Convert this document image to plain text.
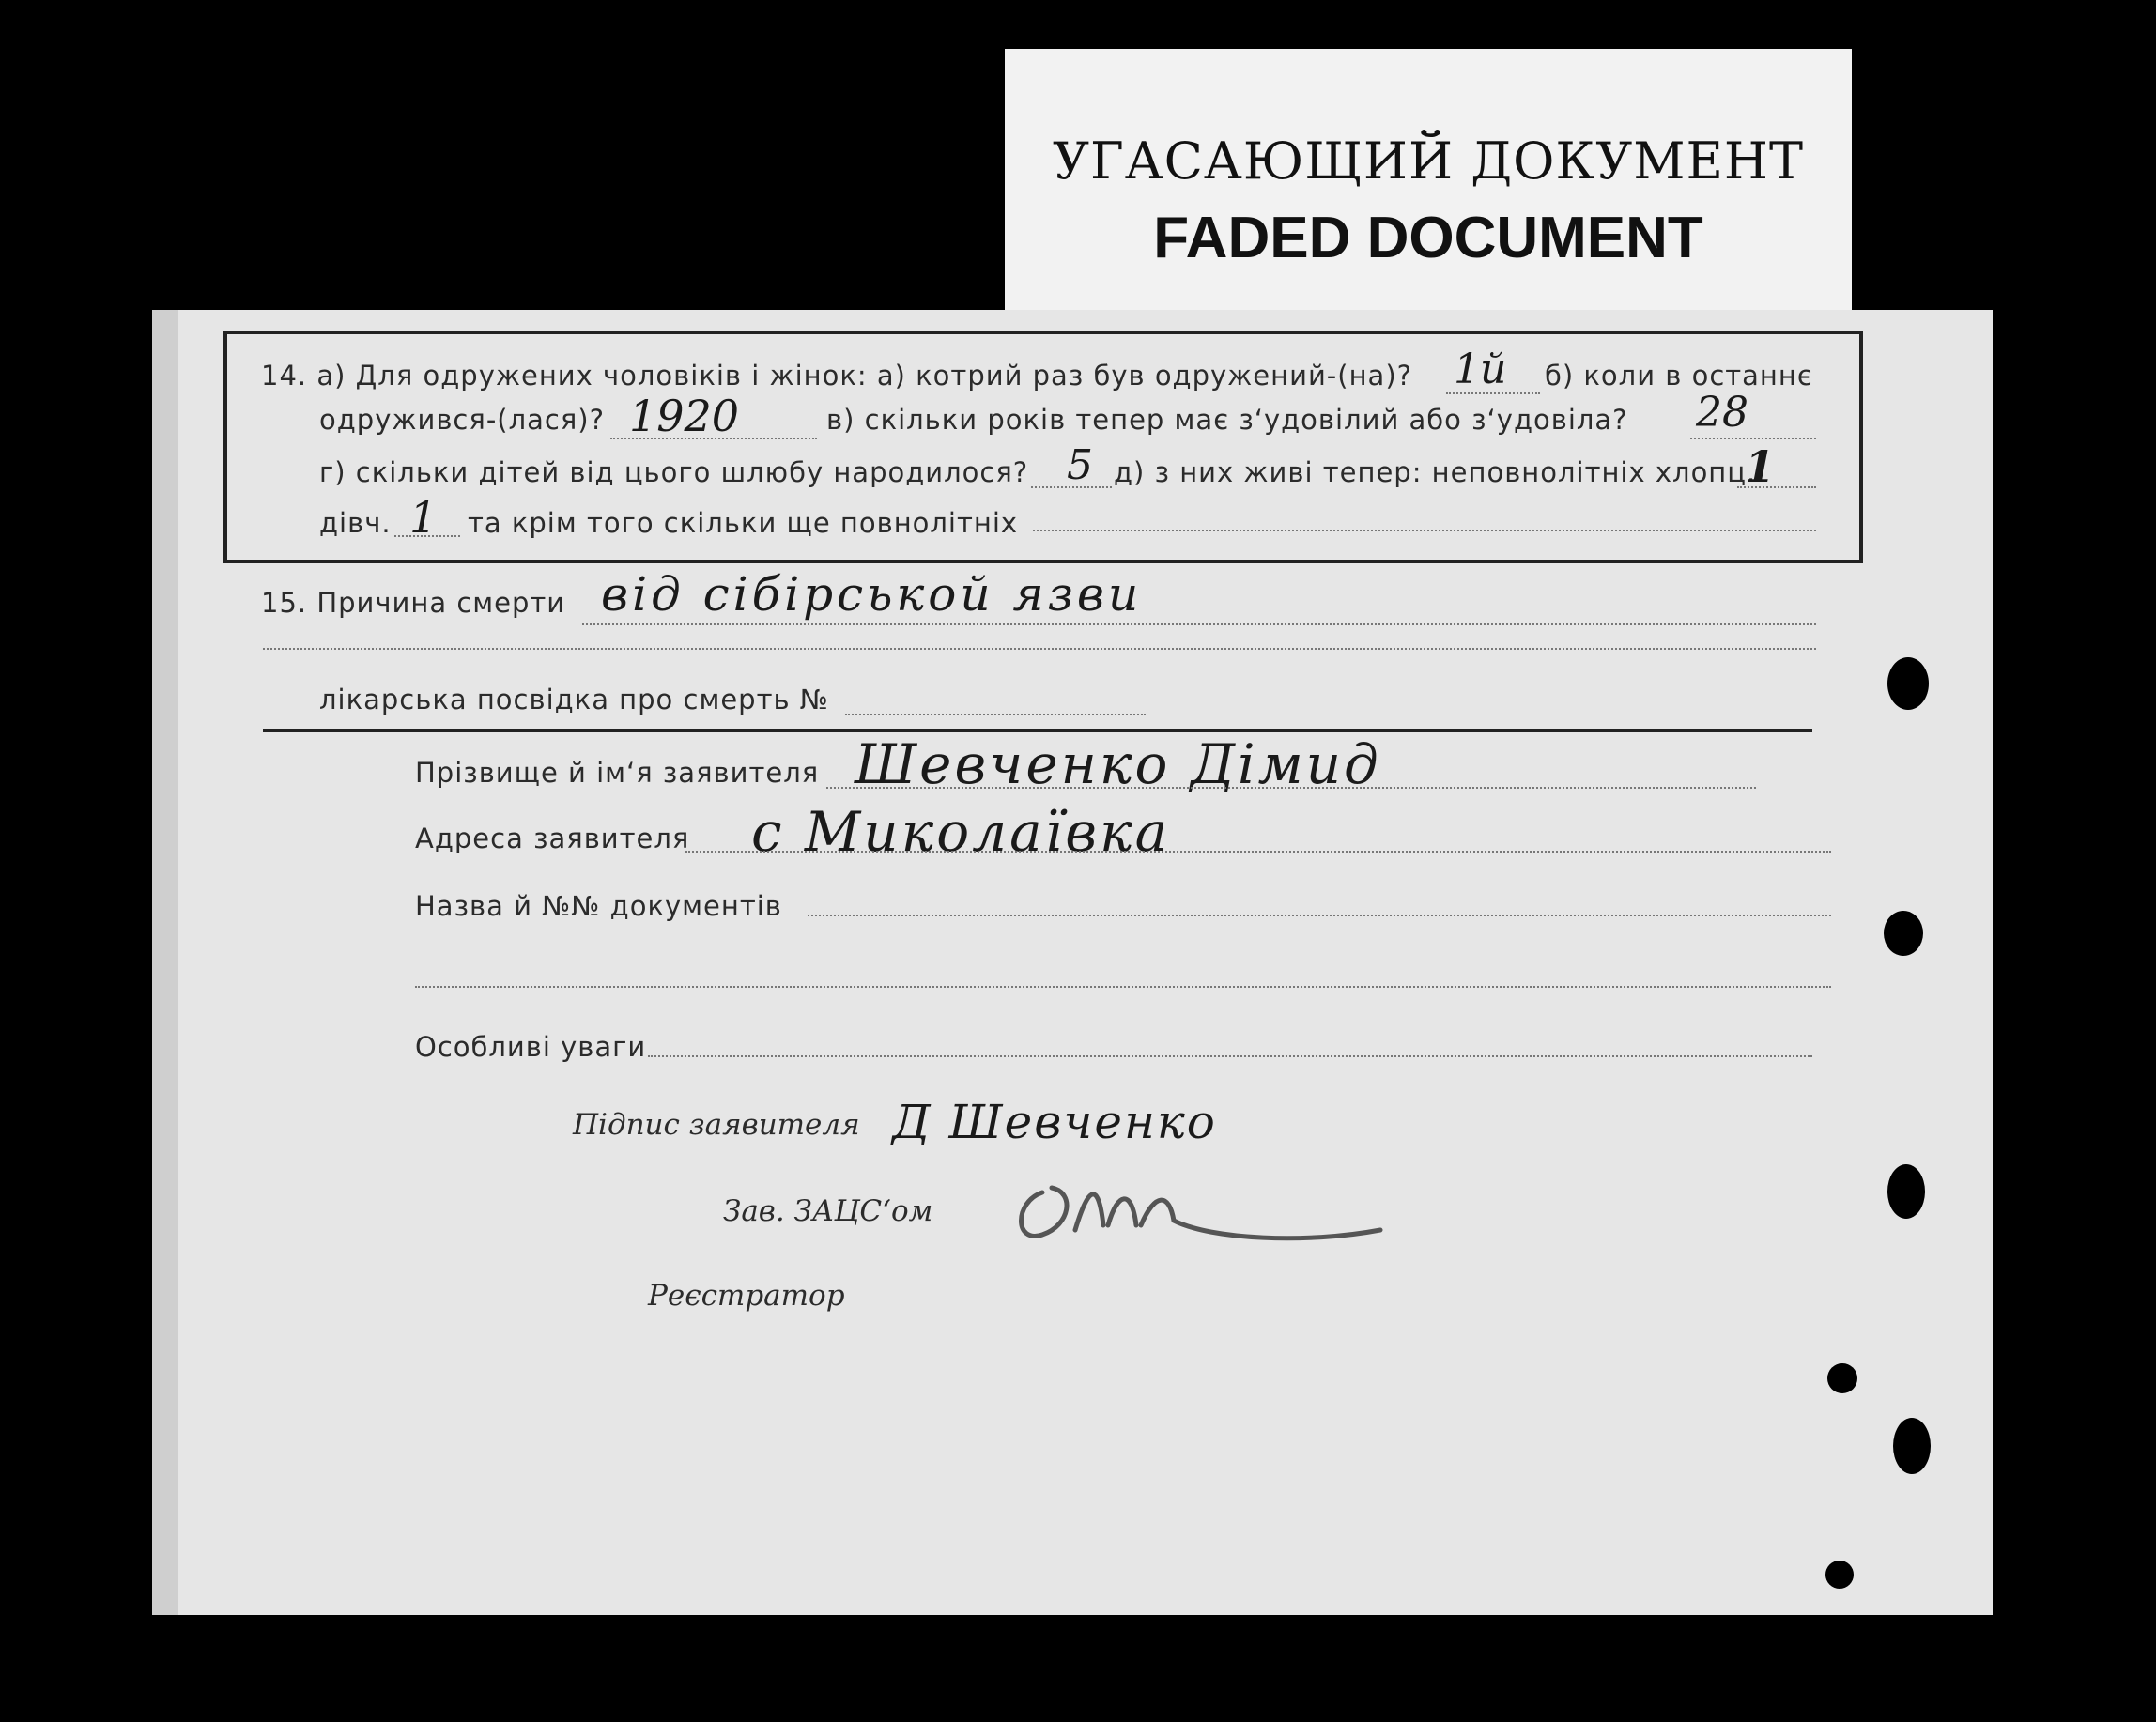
УГАСАЮЩИЙ ДОКУМЕНТ
FADED DOCUMENT
14. а) Для одружених чоловіків і жінок: а) котрий раз був одружений-(на)? 1й б) коли в останнє
одружився-(лася)? 1920	в) скільки років тепер має з‘удовілий або з‘удовіла? 28
г) скільки дітей від цього шлюбу народилося? 5 д) з них живі тепер: неповнолітніх хлопц.
1
дівч. 1 та крім того скільки ще повнолітніх
15. Причина смерти від сібірськой язви
лікарська посвідка про смерть №
Прізвище й ім‘я заявителя Шевченко Дімид
Адреса заявителя с Миколаївка
Назва й №№ документів
Особливі уваги
Підпис заявителя Д Шевченко
Зав. ЗАЦС‘ом
Реєстратор
